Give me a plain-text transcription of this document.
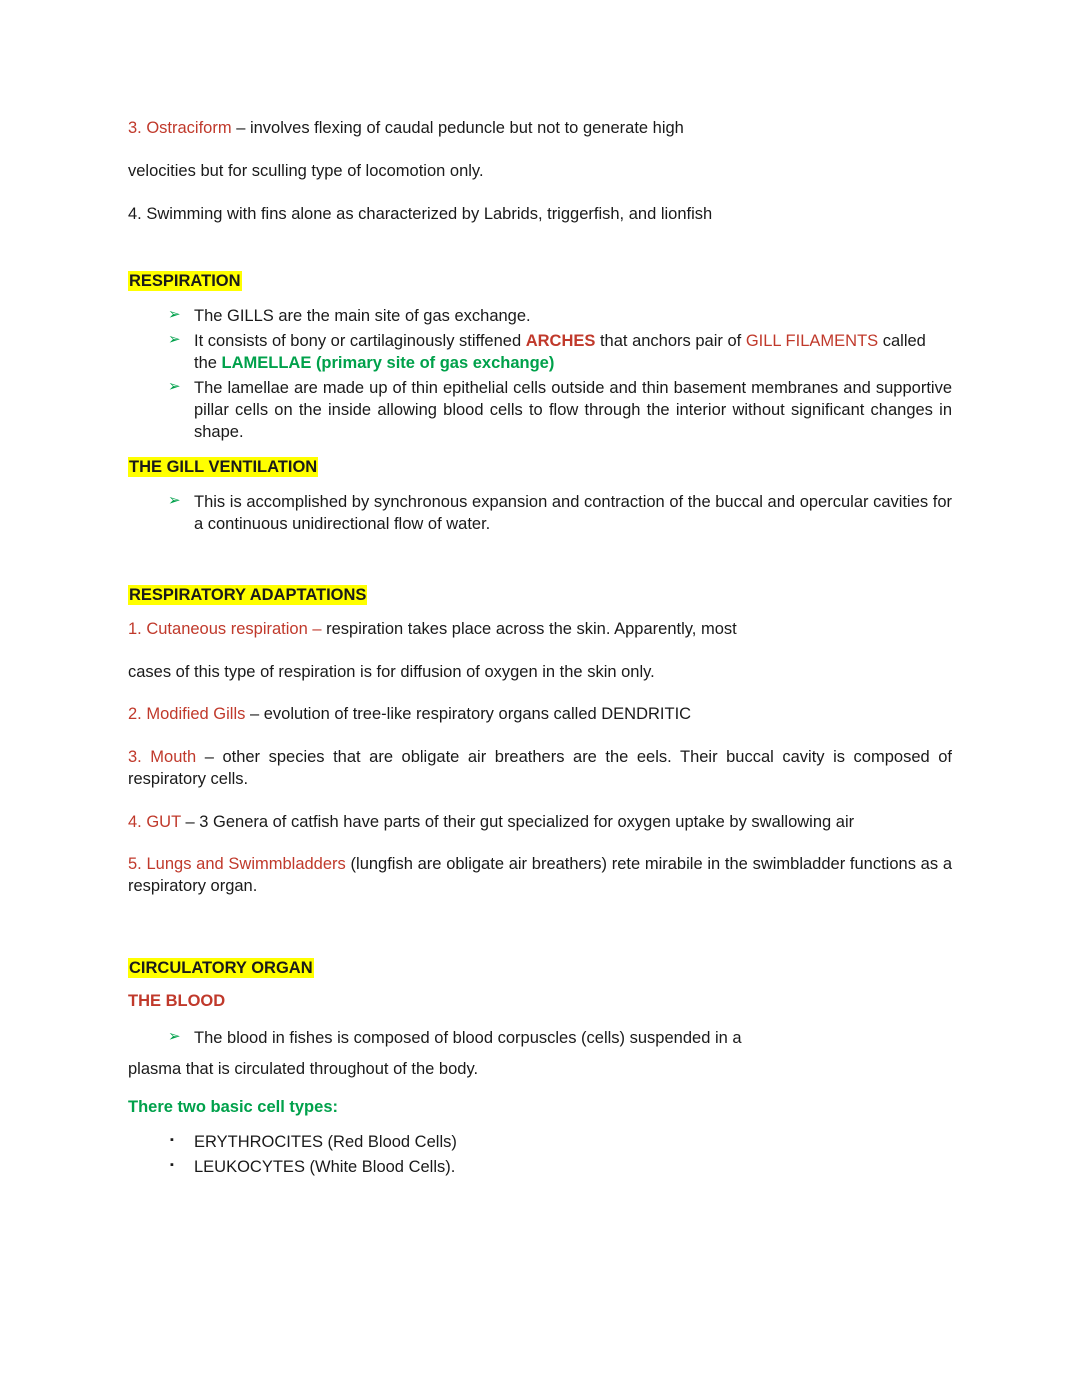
3. Ostraciform – involves flexing of caudal peduncle but not to generate high

velocities but for sculling type of locomotion only.

4. Swimming with fins alone as characterized by Labrids, triggerfish, and lionfish

RESPIRATION
➢ The GILLS are the main site of gas exchange.
➢ It consists of bony or cartilaginously stiffened ARCHES that anchors pair of GILL FILAMENTS called the LAMELLAE (primary site of gas exchange)
➢ The lamellae are made up of thin epithelial cells outside and thin basement membranes and supportive pillar cells on the inside allowing blood cells to flow through the interior without significant changes in shape.
THE GILL VENTILATION
➢ This is accomplished by synchronous expansion and contraction of the buccal and opercular cavities for a continuous unidirectional flow of water.
RESPIRATORY ADAPTATIONS

1. Cutaneous respiration – respiration takes place across the skin. Apparently, most

cases of this type of respiration is for diffusion of oxygen in the skin only.

2. Modified Gills – evolution of tree-like respiratory organs called DENDRITIC

3. Mouth – other species that are obligate air breathers are the eels. Their buccal cavity is composed of respiratory cells.

4. GUT – 3 Genera of catfish have parts of their gut specialized for oxygen uptake by swallowing air

5. Lungs and Swimmbladders (lungfish are obligate air breathers) rete mirabile in the swimbladder functions as a respiratory organ.

CIRCULATORY ORGAN
THE BLOOD
➢ The blood in fishes is composed of blood corpuscles (cells) suspended in a

plasma that is circulated throughout of the body.

There two basic cell types:
▪ ERYTHROCITES (Red Blood Cells)
▪ LEUKOCYTES (White Blood Cells).
